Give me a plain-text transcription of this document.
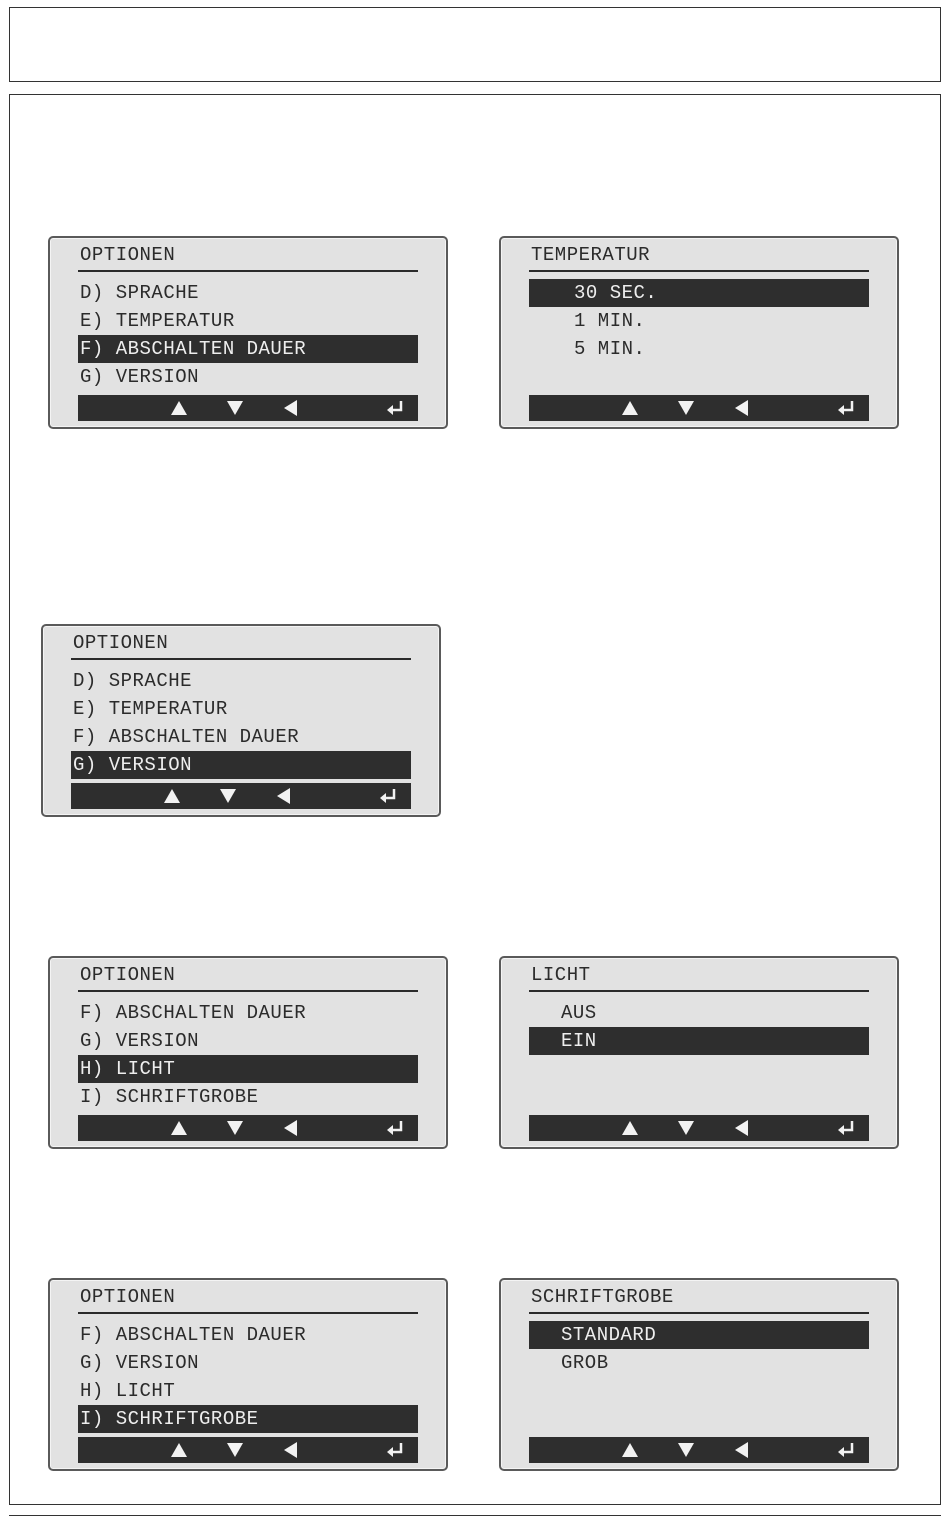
OPTIONEN
D) SPRACHE
E) TEMPERATUR
F) ABSCHALTEN DAUER
G) VERSION
TEMPERATUR
30 SEC.
1 MIN.
5 MIN.
OPTIONEN
D) SPRACHE
E) TEMPERATUR
F) ABSCHALTEN DAUER
G) VERSION
OPTIONEN
F) ABSCHALTEN DAUER
G) VERSION
H) LICHT
I) SCHRIFTGROBE
LICHT
AUS
EIN
OPTIONEN
F) ABSCHALTEN DAUER
G) VERSION
H) LICHT
I) SCHRIFTGROBE
SCHRIFTGROBE
STANDARD
GROB
